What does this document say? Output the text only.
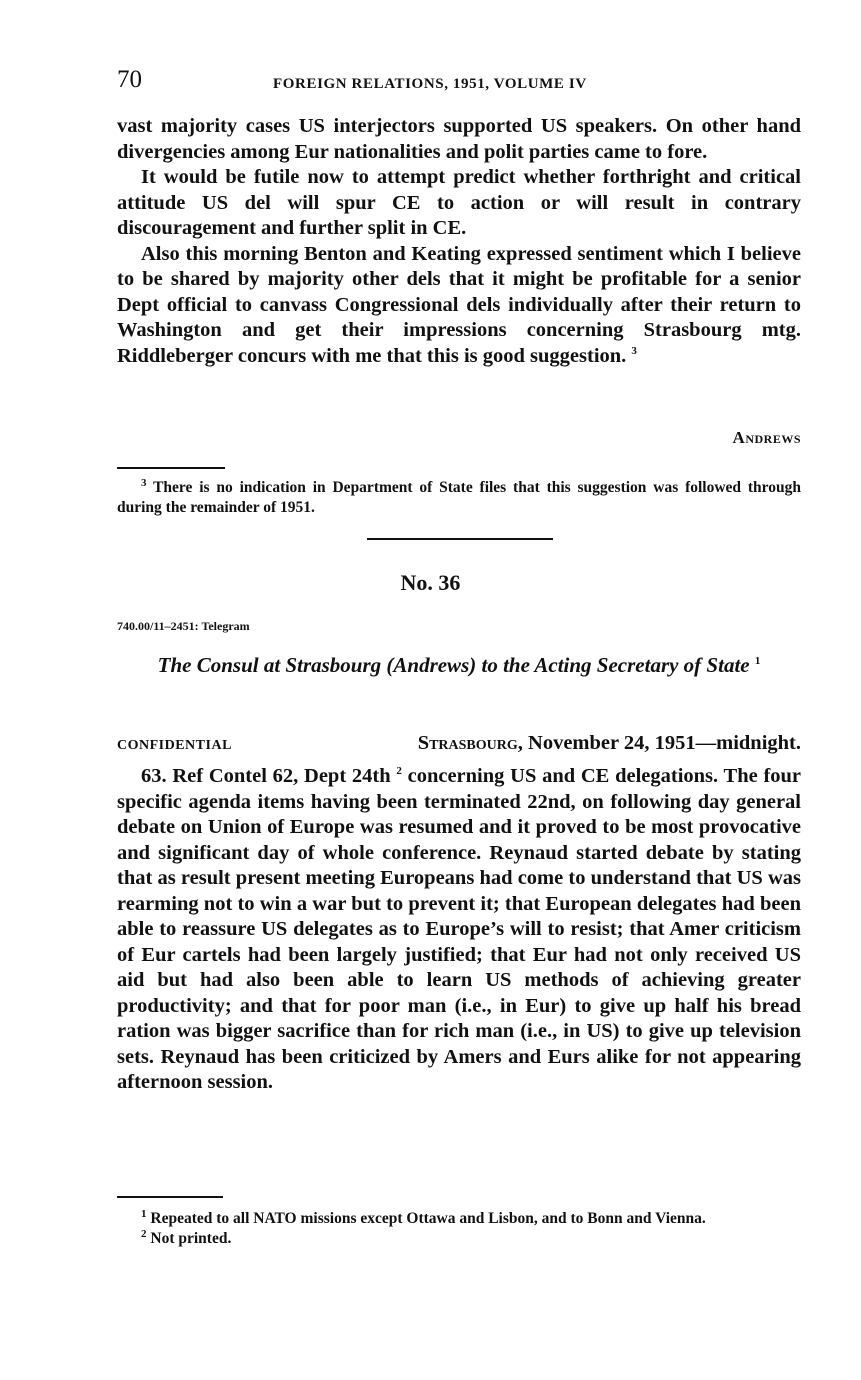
70	FOREIGN RELATIONS, 1951, VOLUME IV

vast majority cases US interjectors supported US speakers. On other hand divergencies among Eur nationalities and polit parties came to fore.

It would be futile now to attempt predict whether forthright and critical attitude US del will spur CE to action or will result in contrary discouragement and further split in CE.

Also this morning Benton and Keating expressed sentiment which I believe to be shared by majority other dels that it might be profitable for a senior Dept official to canvass Congressional dels individually after their return to Washington and get their impressions concerning Strasbourg mtg. Riddleberger concurs with me that this is good suggestion. $^3$

Andrews

$^3$ There is no indication in Department of State files that this suggestion was followed through during the remainder of 1951.

No. 36
740.00/11–2451: Telegram
The Consul at Strasbourg (Andrews) to the Acting Secretary of State $^1$
CONFIDENTIAL	Strasbourg, November 24, 1951—midnight.

63. Ref Contel 62, Dept 24th $^2$ concerning US and CE delegations. The four specific agenda items having been terminated 22nd, on following day general debate on Union of Europe was resumed and it proved to be most provocative and significant day of whole conference. Reynaud started debate by stating that as result present meeting Europeans had come to understand that US was rearming not to win a war but to prevent it; that European delegates had been able to reassure US delegates as to Europe’s will to resist; that Amer criticism of Eur cartels had been largely justified; that Eur had not only received US aid but had also been able to learn US methods of achieving greater productivity; and that for poor man (i.e., in Eur) to give up half his bread ration was bigger sacrifice than for rich man (i.e., in US) to give up television sets. Reynaud has been criticized by Amers and Eurs alike for not appearing afternoon session.

$^1$ Repeated to all NATO missions except Ottawa and Lisbon, and to Bonn and Vienna.

$^2$ Not printed.
